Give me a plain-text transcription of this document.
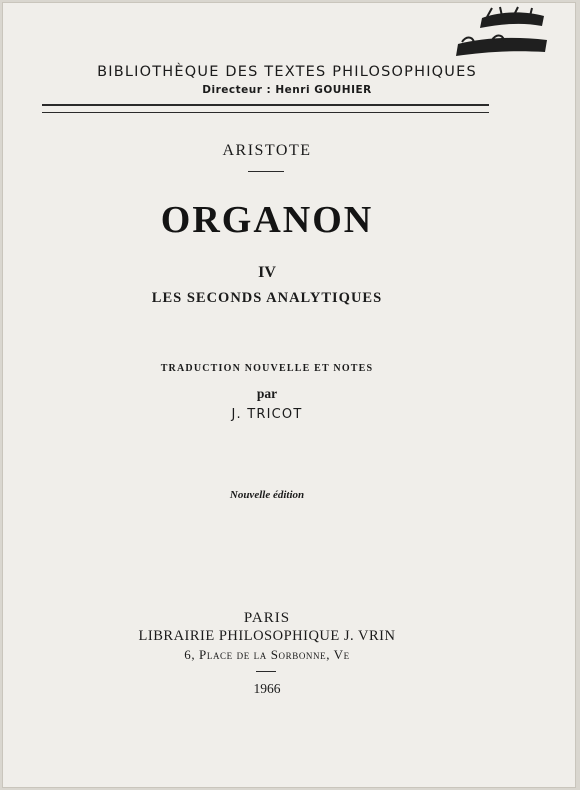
BIBLIOTHÈQUE DES TEXTES PHILOSOPHIQUES
Directeur : Henri GOUHIER
ARISTOTE
ORGANON
IV
LES SECONDS ANALYTIQUES
TRADUCTION NOUVELLE ET NOTES
par
J. TRICOT
Nouvelle édition
PARIS
LIBRAIRIE PHILOSOPHIQUE J. VRIN
6, Place de la Sorbonne, Ve
1966
